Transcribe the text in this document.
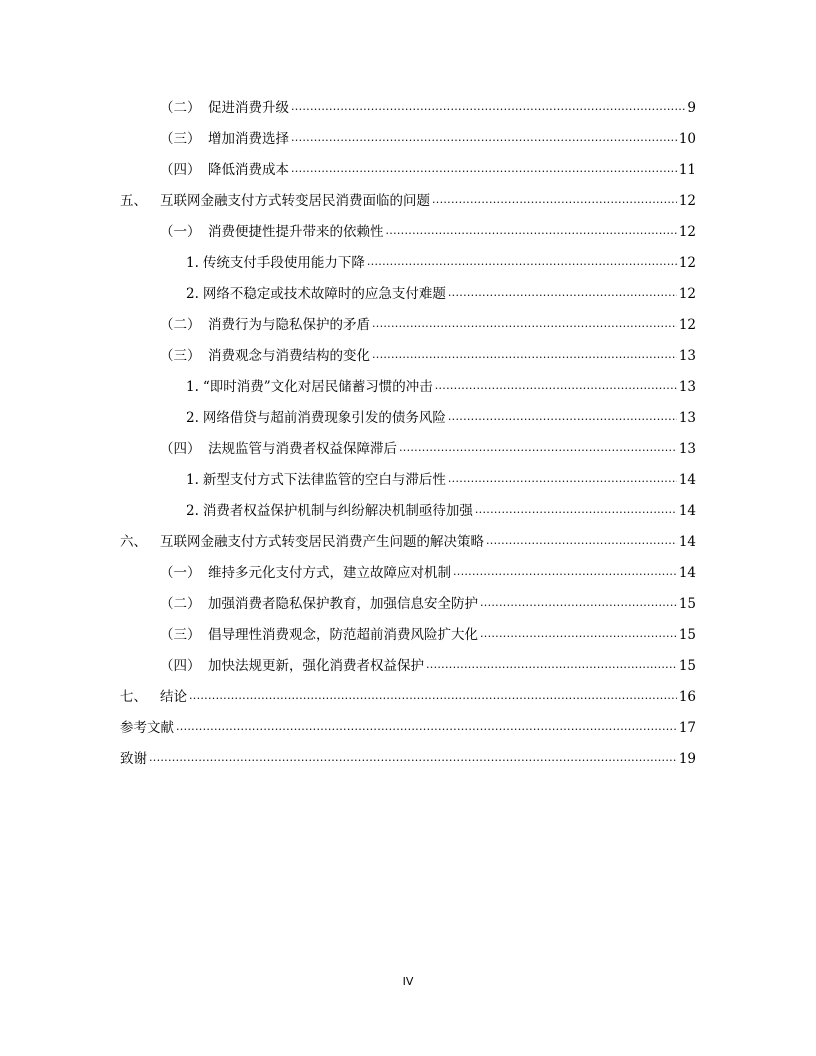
（二） 促进消费升级 .....	9
（三） 增加消费选择 .....	10
（四） 降低消费成本 .....	11
五、 互联网金融支付方式转变居民消费面临的问题 .....	12
（一） 消费便捷性提升带来的依赖性 .....	12
1. 传统支付手段使用能力下降 .....	12
2. 网络不稳定或技术故障时的应急支付难题 .....	12
（二） 消费行为与隐私保护的矛盾 .....	12
（三） 消费观念与消费结构的变化 .....	13
1. “即时消费”文化对居民储蓄习惯的冲击 .....	13
2. 网络借贷与超前消费现象引发的债务风险 .....	13
（四） 法规监管与消费者权益保障滞后 .....	13
1. 新型支付方式下法律监管的空白与滞后性 .....	14
2. 消费者权益保护机制与纠纷解决机制亟待加强 .....	14
六、 互联网金融支付方式转变居民消费产生问题的解决策略 .....	14
（一） 维持多元化支付方式，建立故障应对机制 .....	14
（二） 加强消费者隐私保护教育，加强信息安全防护 .....	15
（三） 倡导理性消费观念，防范超前消费风险扩大化 .....	15
（四） 加快法规更新，强化消费者权益保护 .....	15
七、 结论 .....	16
参考文献 .....	17
致谢 .....	19
IV
